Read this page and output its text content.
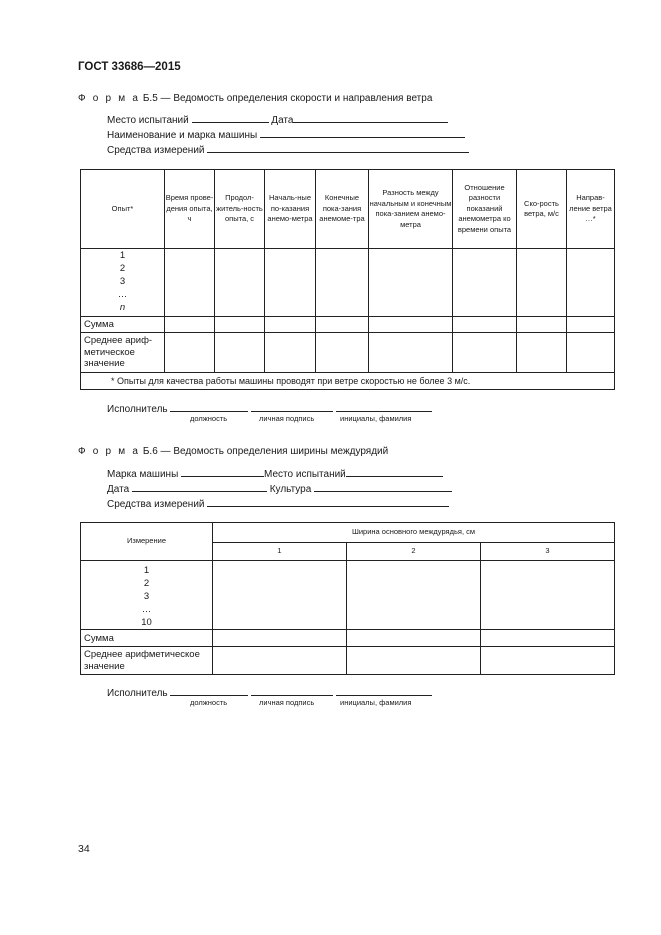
ГОСТ 33686—2015
Ф о р м а Б.5 — Ведомость определения скорости и направления ветра
Место испытаний	Дата
Наименование и марка машины
Средства измерений
Опыт*	Время прове-дения опыта, ч	Продол-житель-ность опыта, с	Началь-ные по-казания анемо-метра	Конечные пока-зания анемоме-тра	Разность между начальным и конечным пока-занием анемо-метра	Отношение разности показаний анемометра ко времени опыта	Ско-рость ветра, м/с	Направ-ление ветра …*

1
2
3
…
n								

Сумма								
Среднее ариф-метическое значение								
* Опыты для качества работы машины проводят при ветре скоростью не более 3 м/с.								
Исполнитель
должность	личная подпись	инициалы, фамилия
Ф о р м а Б.6 — Ведомость определения ширины междурядий
Марка машины	Место испытаний
Дата	Культура
Средства измерений
Измерение	Ширина основного междурядья, см		
	1	2	3

1
2
3
…
10			

Сумма			
Среднее арифметическое значение			
Исполнитель
должность	личная подпись	инициалы, фамилия
34
